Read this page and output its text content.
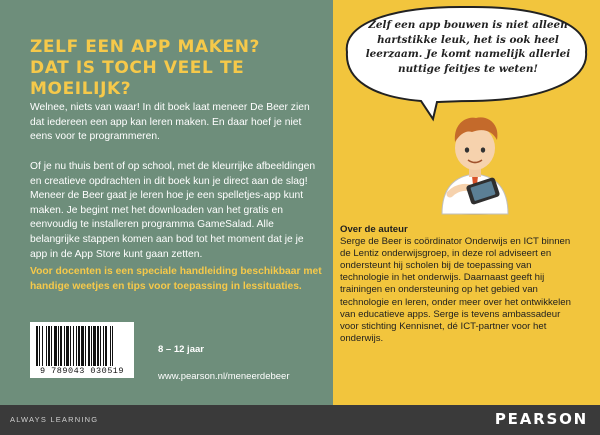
ZELF EEN APP MAKEN?
DAT IS TOCH VEEL TE MOEILIJK?

Welnee, niets van waar! In dit boek laat meneer De Beer zien dat iedereen een app kan leren maken. En daar hoef je niet eens voor te programmeren.

Of je nu thuis bent of op school, met de kleurrijke afbeeldingen en creatieve opdrachten in dit boek kun je direct aan de slag! Meneer de Beer gaat je leren hoe je een spelletjes-app kunt maken. Je begint met het downloaden van het gratis en eenvoudig te installeren programma GameSalad. Alle belangrijke stappen komen aan bod tot het moment dat je je app in de App Store kunt gaan zetten.

Voor docenten is een speciale handleiding beschikbaar met handige weetjes en tips voor toepassing in lessituaties.

9 789043 030519
8 – 12 jaar
www.pearson.nl/meneerdebeer
ALWAYS LEARNING	PEARSON
Zelf een app bouwen is niet alleen hartstikke leuk, het is ook heel leerzaam. Je komt namelijk allerlei nuttige feitjes te weten!
Over de auteur
Serge de Beer is coördinator Onderwijs en ICT binnen de Lentiz onderwijsgroep, in deze rol adviseert en ondersteunt hij scholen bij de toepassing van technologie in het onderwijs. Daarnaast geeft hij trainingen en ondersteuning op het gebied van technologie en leren, onder meer over het ontwikkelen van educatieve apps. Serge is tevens ambassadeur voor stichting Kennisnet, dé ICT-partner voor het onderwijs.
